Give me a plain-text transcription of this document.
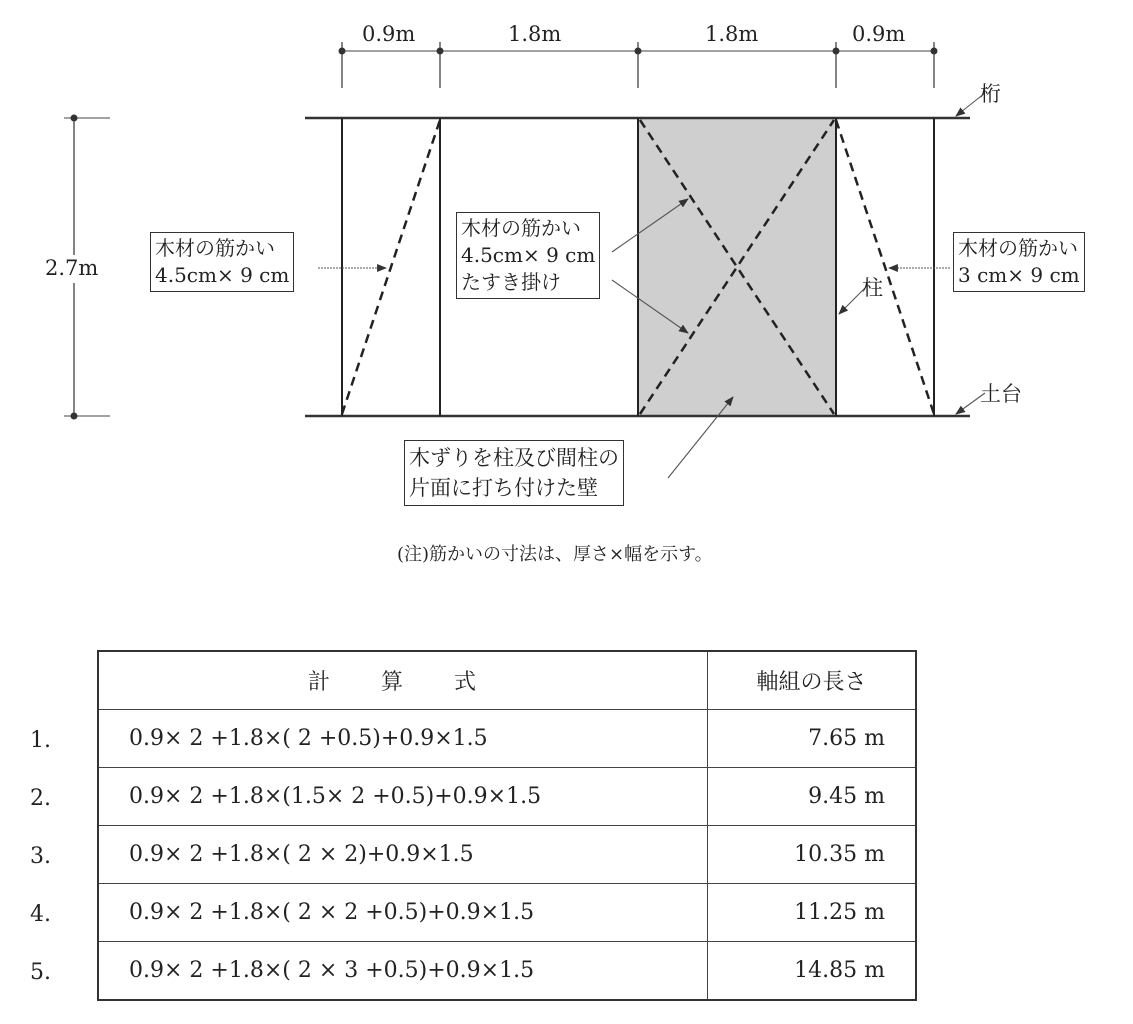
0.9m	1.8m	1.8m	0.9m
2.7m
桁
柱
土台
木材の筋かい
4.5cm× 9 cm
木材の筋かい
4.5cm× 9 cm
たすき掛け
木材の筋かい
3 cm× 9 cm
木ずりを柱及び間柱の
片面に打ち付けた壁
(注)筋かいの寸法は、厚さ×幅を示す。
1.
2.
3.
4.
5.
計 算 式	軸組の長さ
0.9× 2 +1.8×( 2 +0.5)+0.9×1.5	7.65 m
0.9× 2 +1.8×(1.5× 2 +0.5)+0.9×1.5	9.45 m
0.9× 2 +1.8×( 2 × 2)+0.9×1.5	10.35 m
0.9× 2 +1.8×( 2 × 2 +0.5)+0.9×1.5	11.25 m
0.9× 2 +1.8×( 2 × 3 +0.5)+0.9×1.5	14.85 m
